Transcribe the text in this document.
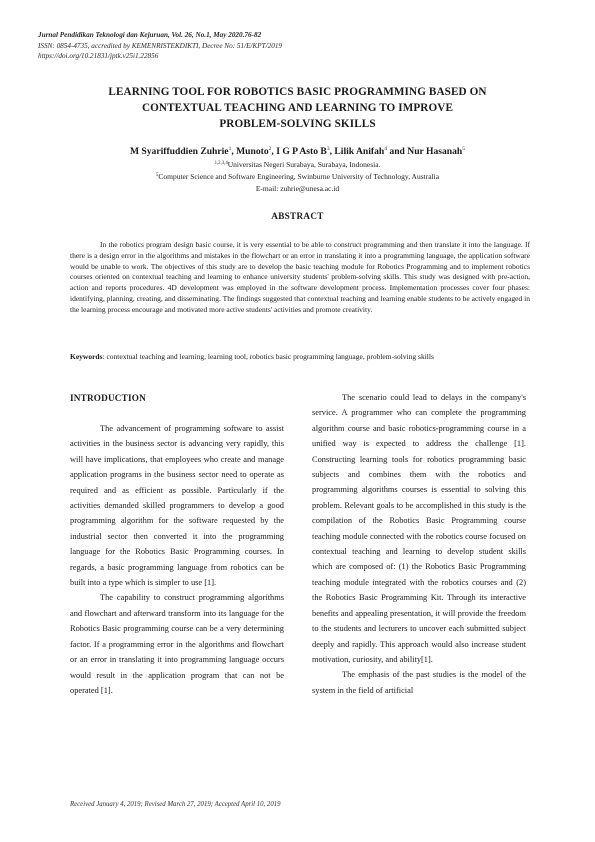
Jurnal Pendidikan Teknologi dan Kejuruan, Vol. 26, No.1, May 2020.76-82
ISSN: 0854-4735, accredited by KEMENRISTEKDIKTI, Decree No: 51/E/KPT/2019
https://doi.org/10.21831/jptk.v25i1.22856
LEARNING TOOL FOR ROBOTICS BASIC PROGRAMMING BASED ON
CONTEXTUAL TEACHING AND LEARNING TO IMPROVE
PROBLEM-SOLVING SKILLS
M Syariffuddien Zuhrie$^1$, Munoto$^2$, I G P Asto $B^3$, Lilik Anifah$^4$ and Nur Hasanah$^5$
$^{1,2,3,4}$Universitas Negeri Surabaya, Surabaya, Indonesia.
$^5$Computer Science and Software Engineering, Swinburne University of Technology, Australia
E-mail: zuhrie@unesa.ac.id
ABSTRACT

In the robotics program design basic course, it is very essential to be able to construct programming and then translate it into the language. If there is a design error in the algorithms and mistakes in the flowchart or an error in translating it into a programming language, the application software would be unable to work. The objectives of this study are to develop the basic teaching module for Robotics Programming and to implement robotics courses oriented on contextual teaching and learning to enhance university students' problem-solving skills. This study was designed with pre-action, action and reports procedures. 4D development was employed in the software development process. Implementation processes cover four phases: identifying, planning, creating, and disseminating. The findings suggested that contextual teaching and learning enable students to be actively engaged in the learning process encourage and motivated more active students' activities and promote creativity.

Keywords: contextual teaching and learning, learning tool, robotics basic programming language, problem-solving skills

INTRODUCTION

The advancement of programming software to assist activities in the business sector is advancing very rapidly, this will have implications, that employees who create and manage application programs in the business sector need to operate as required and as efficient as possible. Particularly if the activities demanded skilled programmers to develop a good programming algorithm for the software requested by the industrial sector then converted it into the programming language for the Robotics Basic Programming courses. In regards, a basic programming language from robotics can be built into a type which is simpler to use [1].

The capability to construct programming algorithms and flowchart and afterward transform into its language for the Robotics Basic programming course can be a very determining factor. If a programming error in the algorithms and flowchart or an error in translating it into programming language occurs would result in the application program that can not be operated [1].

The scenario could lead to delays in the company's service. A programmer who can complete the programming algorithm course and basic robotics-programming course in a unified way is expected to address the challenge [1]. Constructing learning tools for robotics programming basic subjects and combines them with the robotics and programming algorithms courses is essential to solving this problem. Relevant goals to be accomplished in this study is the compilation of the Robotics Basic Programming course teaching module connected with the robotics course focused on contextual teaching and learning to develop student skills which are composed of: (1) the Robotics Basic Programming teaching module integrated with the robotics courses and (2) the Robotics Basic Programming Kit. Through its interactive benefits and appealing presentation, it will provide the freedom to the students and lecturers to uncover each submitted subject deeply and rapidly. This approach would also increase student motivation, curiosity, and ability[1].

The emphasis of the past studies is the model of the system in the field of artificial

Received January 4, 2019; Revised March 27, 2019; Accepted April 10, 2019
